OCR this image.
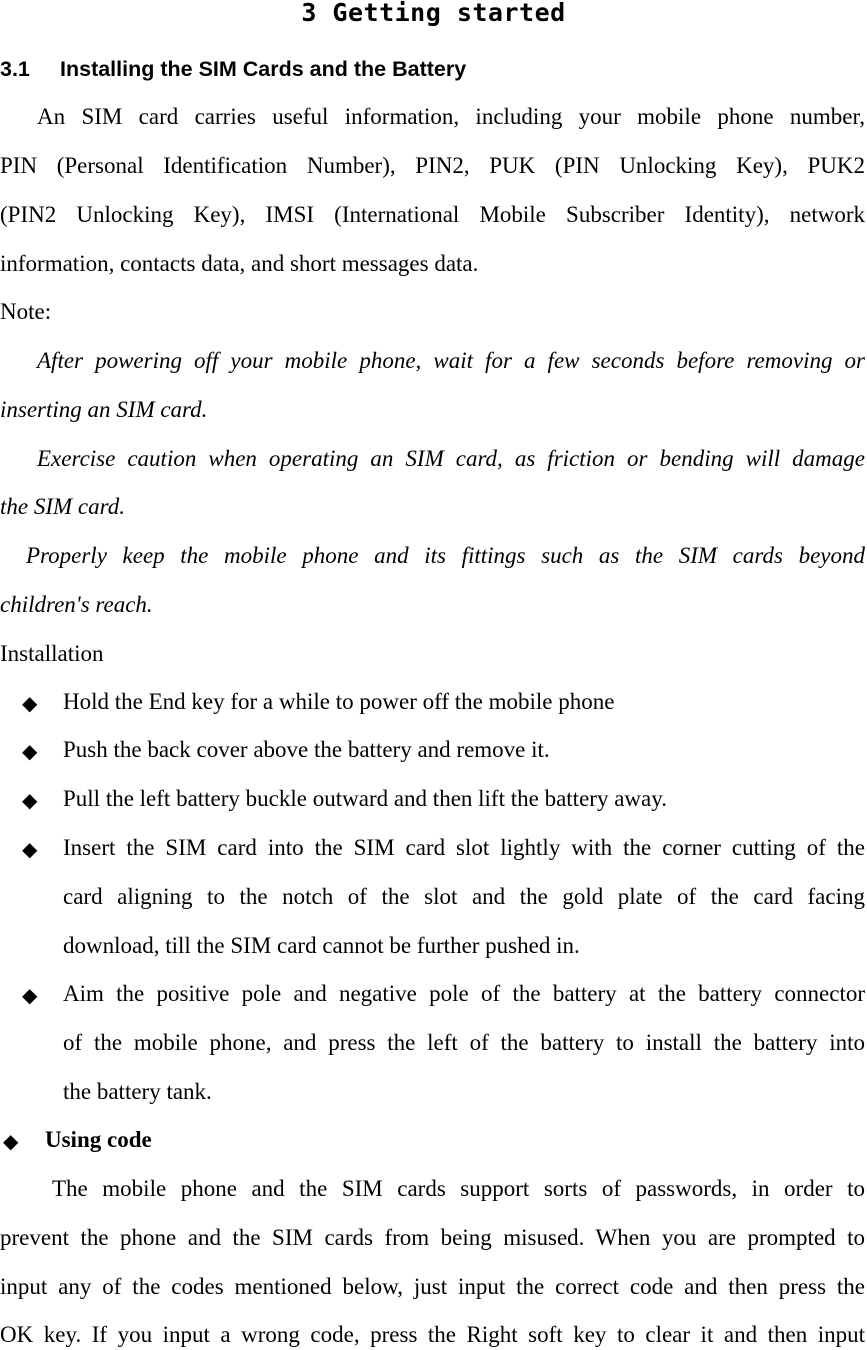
3 Getting started
3.1 Installing the SIM Cards and the Battery
An SIM card carries useful information, including your mobile phone number,
PIN (Personal Identification Number), PIN2, PUK (PIN Unlocking Key), PUK2
(PIN2 Unlocking Key), IMSI (International Mobile Subscriber Identity), network
information, contacts data, and short messages data.
Note:
After powering off your mobile phone, wait for a few seconds before removing or
inserting an SIM card.
Exercise caution when operating an SIM card, as friction or bending will damage
the SIM card.
Properly keep the mobile phone and its fittings such as the SIM cards beyond
children's reach.
Installation
◆ Hold the End key for a while to power off the mobile phone
◆ Push the back cover above the battery and remove it.
◆ Pull the left battery buckle outward and then lift the battery away.
◆ Insert the SIM card into the SIM card slot lightly with the corner cutting of the
card aligning to the notch of the slot and the gold plate of the card facing
download, till the SIM card cannot be further pushed in.
◆ Aim the positive pole and negative pole of the battery at the battery connector
of the mobile phone, and press the left of the battery to install the battery into
the battery tank.
◆ Using code
The mobile phone and the SIM cards support sorts of passwords, in order to
prevent the phone and the SIM cards from being misused. When you are prompted to
input any of the codes mentioned below, just input the correct code and then press the
OK key. If you input a wrong code, press the Right soft key to clear it and then input
